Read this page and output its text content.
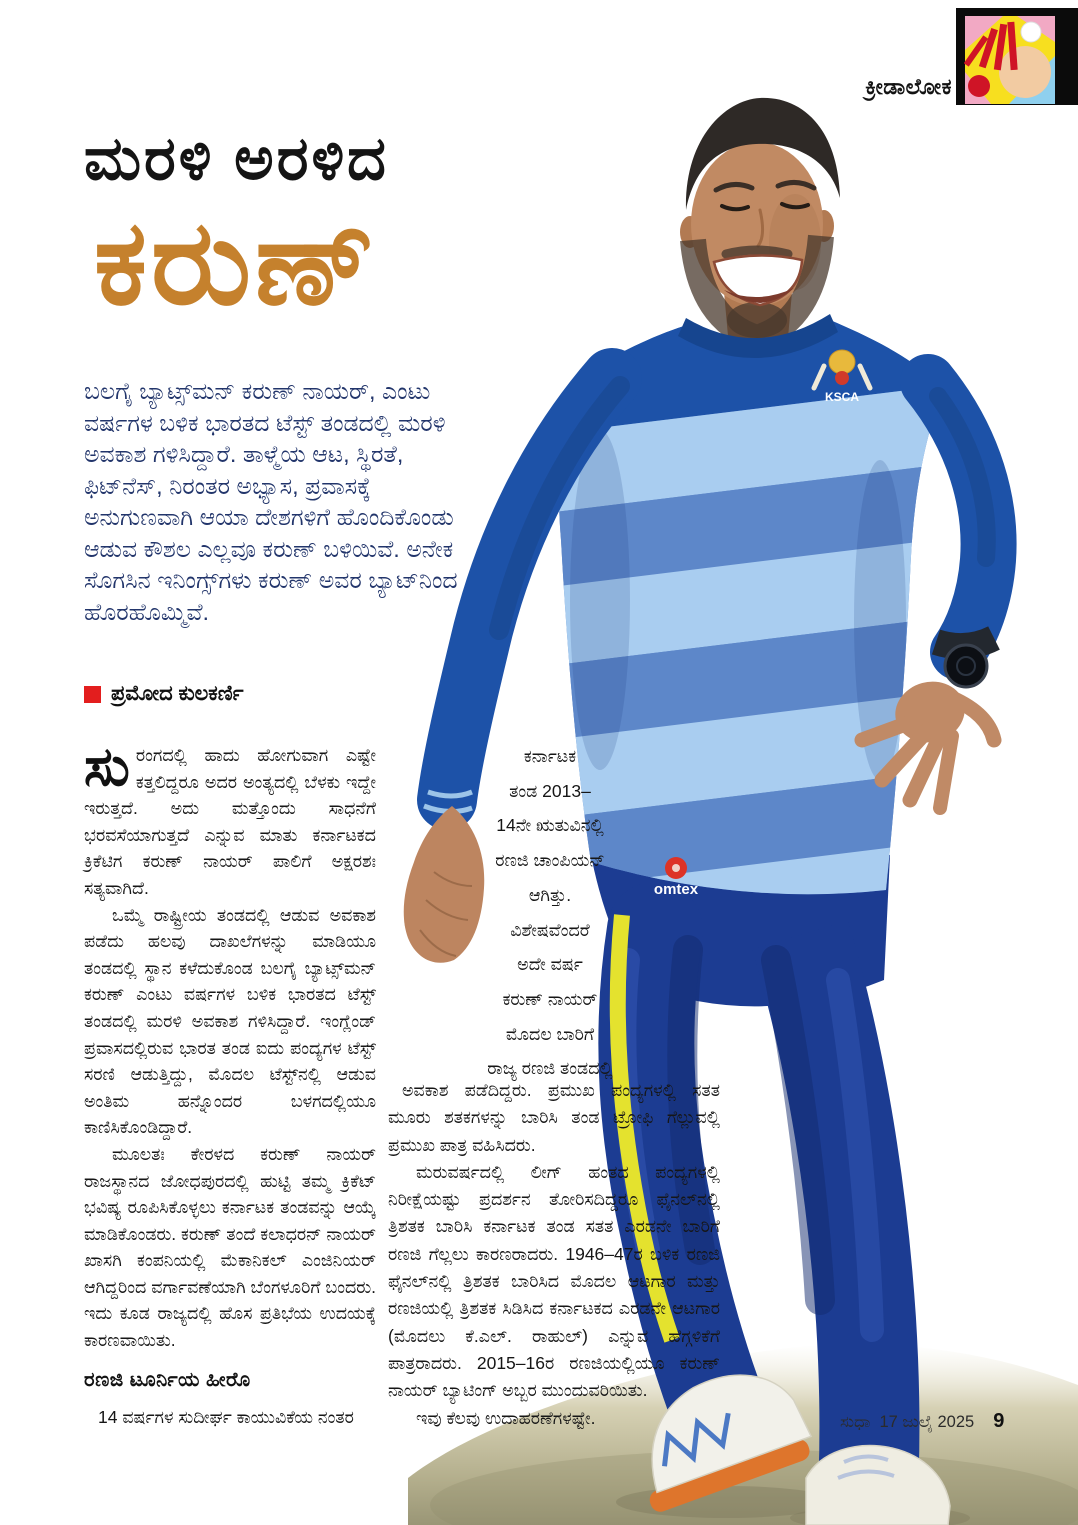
KSCA
omtex
ಕ್ರೀಡಾಲೋಕ
ಮರಳಿ ಅರಳಿದ
ಕರುಣ್
ಬಲಗೈ ಬ್ಯಾಟ್ಸ್‌ಮನ್ ಕರುಣ್ ನಾಯರ್, ಎಂಟು ವರ್ಷಗಳ ಬಳಿಕ ಭಾರತದ ಟೆಸ್ಟ್ ತಂಡದಲ್ಲಿ ಮರಳಿ ಅವಕಾಶ ಗಳಿಸಿದ್ದಾರೆ. ತಾಳ್ಮೆಯ ಆಟ, ಸ್ಥಿರತೆ, ಫಿಟ್‌ನೆಸ್, ನಿರಂತರ ಅಭ್ಯಾಸ, ಪ್ರವಾಸಕ್ಕೆ ಅನುಗುಣವಾಗಿ ಆಯಾ ದೇಶಗಳಿಗೆ ಹೊಂದಿಕೊಂಡು ಆಡುವ ಕೌಶಲ ಎಲ್ಲವೂ ಕರುಣ್ ಬಳಿಯಿವೆ. ಅನೇಕ ಸೊಗಸಿನ ಇನಿಂಗ್ಸ್‌ಗಳು ಕರುಣ್ ಅವರ ಬ್ಯಾಟ್‌ನಿಂದ ಹೊರಹೊಮ್ಮಿವೆ.
ಪ್ರಮೋದ ಕುಲಕರ್ಣಿ

ಸುರಂಗದಲ್ಲಿ ಹಾದು ಹೋಗುವಾಗ ಎಷ್ಟೇ ಕತ್ತಲಿದ್ದರೂ ಅದರ ಅಂತ್ಯದಲ್ಲಿ ಬೆಳಕು ಇದ್ದೇ ಇರುತ್ತದೆ. ಅದು ಮತ್ತೊಂದು ಸಾಧನೆಗೆ ಭರವಸೆಯಾಗುತ್ತದೆ ಎನ್ನುವ ಮಾತು ಕರ್ನಾಟಕದ ಕ್ರಿಕೆಟಿಗ ಕರುಣ್ ನಾಯರ್ ಪಾಲಿಗೆ ಅಕ್ಷರಶಃ ಸತ್ಯವಾಗಿದೆ.

ಒಮ್ಮೆ ರಾಷ್ಟ್ರೀಯ ತಂಡದಲ್ಲಿ ಆಡುವ ಅವಕಾಶ ಪಡೆದು ಹಲವು ದಾಖಲೆಗಳನ್ನು ಮಾಡಿಯೂ ತಂಡದಲ್ಲಿ ಸ್ಥಾನ ಕಳೆದುಕೊಂಡ ಬಲಗೈ ಬ್ಯಾಟ್ಸ್‌ಮನ್ ಕರುಣ್ ಎಂಟು ವರ್ಷಗಳ ಬಳಿಕ ಭಾರತದ ಟೆಸ್ಟ್ ತಂಡದಲ್ಲಿ ಮರಳಿ ಅವಕಾಶ ಗಳಿಸಿದ್ದಾರೆ. ಇಂಗ್ಲೆಂಡ್ ಪ್ರವಾಸದಲ್ಲಿರುವ ಭಾರತ ತಂಡ ಐದು ಪಂದ್ಯಗಳ ಟೆಸ್ಟ್ ಸರಣಿ ಆಡುತ್ತಿದ್ದು, ಮೊದಲ ಟೆಸ್ಟ್‌ನಲ್ಲಿ ಆಡುವ ಅಂತಿಮ ಹನ್ನೊಂದರ ಬಳಗದಲ್ಲಿಯೂ ಕಾಣಿಸಿಕೊಂಡಿದ್ದಾರೆ.

ಮೂಲತಃ ಕೇರಳದ ಕರುಣ್ ನಾಯರ್ ರಾಜಸ್ಥಾನದ ಜೋಧಪುರದಲ್ಲಿ ಹುಟ್ಟಿ ತಮ್ಮ ಕ್ರಿಕೆಟ್ ಭವಿಷ್ಯ ರೂಪಿಸಿಕೊಳ್ಳಲು ಕರ್ನಾಟಕ ತಂಡವನ್ನು ಆಯ್ಕೆ ಮಾಡಿಕೊಂಡರು. ಕರುಣ್ ತಂದೆ ಕಲಾಧರನ್ ನಾಯರ್ ಖಾಸಗಿ ಕಂಪನಿಯಲ್ಲಿ ಮೆಕಾನಿಕಲ್ ಎಂಜಿನಿಯರ್ ಆಗಿದ್ದರಿಂದ ವರ್ಗಾವಣೆಯಾಗಿ ಬೆಂಗಳೂರಿಗೆ ಬಂದರು. ಇದು ಕೂಡ ರಾಜ್ಯದಲ್ಲಿ ಹೊಸ ಪ್ರತಿಭೆಯ ಉದಯಕ್ಕೆ ಕಾರಣವಾಯಿತು.

ರಣಜಿ ಟೂರ್ನಿಯ ಹೀರೊ

14 ವರ್ಷಗಳ ಸುದೀರ್ಘ ಕಾಯುವಿಕೆಯ ನಂತರ

ಕರ್ನಾಟಕ
ತಂಡ 2013–
14ನೇ ಋತುವಿನಲ್ಲಿ
ರಣಜಿ ಚಾಂಪಿಯನ್
ಆಗಿತ್ತು.
ವಿಶೇಷವೆಂದರೆ
ಅದೇ ವರ್ಷ
ಕರುಣ್ ನಾಯರ್
ಮೊದಲ ಬಾರಿಗೆ
ರಾಜ್ಯ ರಣಜಿ ತಂಡದಲ್ಲಿ

ಅವಕಾಶ ಪಡೆದಿದ್ದರು. ಪ್ರಮುಖ ಪಂದ್ಯಗಳಲ್ಲಿ ಸತತ ಮೂರು ಶತಕಗಳನ್ನು ಬಾರಿಸಿ ತಂಡ ಟ್ರೋಫಿ ಗೆಲ್ಲುವಲ್ಲಿ ಪ್ರಮುಖ ಪಾತ್ರ ವಹಿಸಿದರು.

ಮರುವರ್ಷದಲ್ಲಿ ಲೀಗ್ ಹಂತದ ಪಂದ್ಯಗಳಲ್ಲಿ ನಿರೀಕ್ಷೆಯಷ್ಟು ಪ್ರದರ್ಶನ ತೋರಿಸದಿದ್ದರೂ ಫೈನಲ್‌ನಲ್ಲಿ ತ್ರಿಶತಕ ಬಾರಿಸಿ ಕರ್ನಾಟಕ ತಂಡ ಸತತ ಎರಡನೇ ಬಾರಿಗೆ ರಣಜಿ ಗೆಲ್ಲಲು ಕಾರಣರಾದರು. 1946–47ರ ಬಳಿಕ ರಣಜಿ ಫೈನಲ್‌ನಲ್ಲಿ ತ್ರಿಶತಕ ಬಾರಿಸಿದ ಮೊದಲ ಆಟಗಾರ ಮತ್ತು ರಣಜಿಯಲ್ಲಿ ತ್ರಿಶತಕ ಸಿಡಿಸಿದ ಕರ್ನಾಟಕದ ಎರಡನೇ ಆಟಗಾರ (ಮೊದಲು ಕೆ.ಎಲ್. ರಾಹುಲ್) ಎನ್ನುವ ಹೆಗ್ಗಳಿಕೆಗೆ ಪಾತ್ರರಾದರು. 2015–16ರ ರಣಜಿಯಲ್ಲಿಯೂ ಕರುಣ್ ನಾಯರ್ ಬ್ಯಾಟಿಂಗ್ ಅಬ್ಬರ ಮುಂದುವರಿಯಿತು.

ಇವು ಕೆಲವು ಉದಾಹರಣೆಗಳಷ್ಟೇ.	ಸುಧಾ 17 ಜುಲೈ 2025 9
